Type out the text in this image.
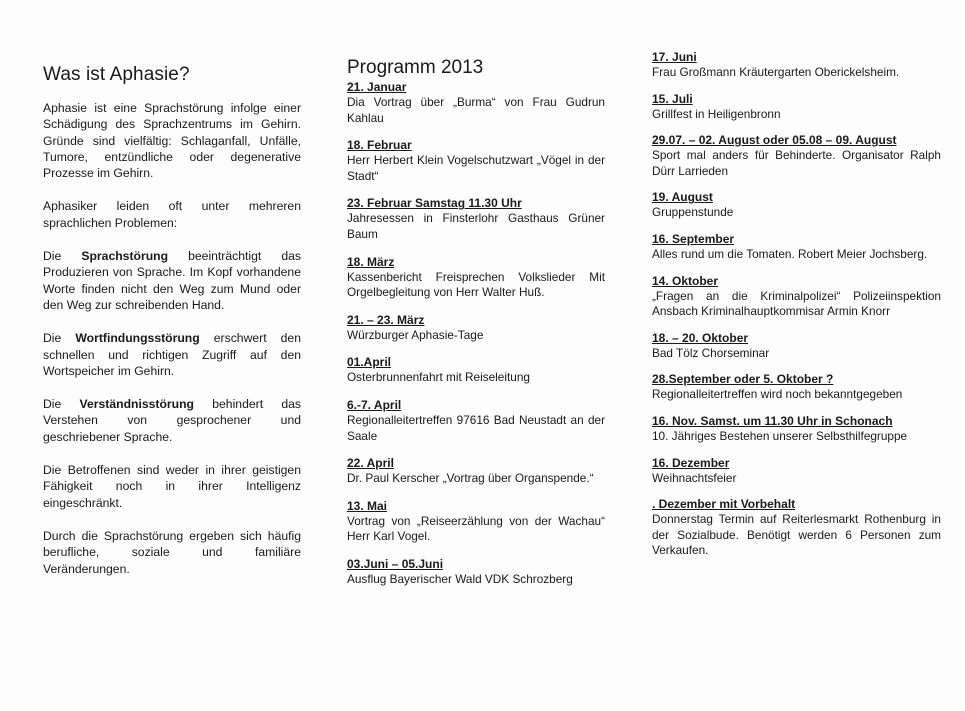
Was ist Aphasie?

Aphasie ist eine Sprachstörung infolge einer Schädigung des Sprachzentrums im Gehirn. Gründe sind vielfältig: Schlaganfall, Unfälle, Tumore, entzündliche oder degenerative Prozesse im Gehirn.

Aphasiker leiden oft unter mehreren sprachlichen Problemen:

Die Sprachstörung beeinträchtigt das Produzieren von Sprache. Im Kopf vorhandene Worte finden nicht den Weg zum Mund oder den Weg zur schreibenden Hand.

Die Wortfindungsstörung erschwert den schnellen und richtigen Zugriff auf den Wortspeicher im Gehirn.

Die Verständnisstörung behindert das Verstehen von gesprochener und geschriebener Sprache.

Die Betroffenen sind weder in ihrer geistigen Fähigkeit noch in ihrer Intelligenz eingeschränkt.

Durch die Sprachstörung ergeben sich häufig berufliche, soziale und familiäre Veränderungen.

Programm 2013
21. Januar
Dia Vortrag über „Burma“ von Frau Gudrun Kahlau
18. Februar
Herr Herbert Klein Vogelschutzwart „Vögel in der Stadt“
23. Februar Samstag 11.30 Uhr
Jahresessen in Finsterlohr Gasthaus Grüner Baum
18. März
Kassenbericht Freisprechen Volkslieder Mit Orgelbegleitung von Herr Walter Huß.
21. – 23. März
Würzburger Aphasie-Tage
01.April
Osterbrunnenfahrt mit Reiseleitung
6.-7. April
Regionalleitertreffen 97616 Bad Neustadt an der Saale
22. April
Dr. Paul Kerscher „Vortrag über Organspende.“
13. Mai
Vortrag von „Reiseerzählung von der Wachau“ Herr Karl Vogel.
03.Juni – 05.Juni
Ausflug Bayerischer Wald VDK Schrozberg
17. Juni
Frau Großmann Kräutergarten Oberickelsheim.
15. Juli
Grillfest in Heiligenbronn
29.07. – 02. August oder 05.08 – 09. August
Sport mal anders für Behinderte. Organisator Ralph Dürr Larrieden
19. August
Gruppenstunde
16. September
Alles rund um die Tomaten. Robert Meier Jochsberg.
14. Oktober
„Fragen an die Kriminalpolizei“ Polizeiinspektion Ansbach Kriminalhauptkommisar Armin Knorr
18. – 20. Oktober
Bad Tölz Chorseminar
28.September oder 5. Oktober ?
Regionalleitertreffen wird noch bekanntgegeben
16. Nov. Samst. um 11.30 Uhr in Schonach
10. Jähriges Bestehen unserer Selbsthilfegruppe
16. Dezember
Weihnachtsfeier
. Dezember mit Vorbehalt
Donnerstag Termin auf Reiterlesmarkt Rothenburg in der Sozialbude. Benötigt werden 6 Personen zum Verkaufen.
